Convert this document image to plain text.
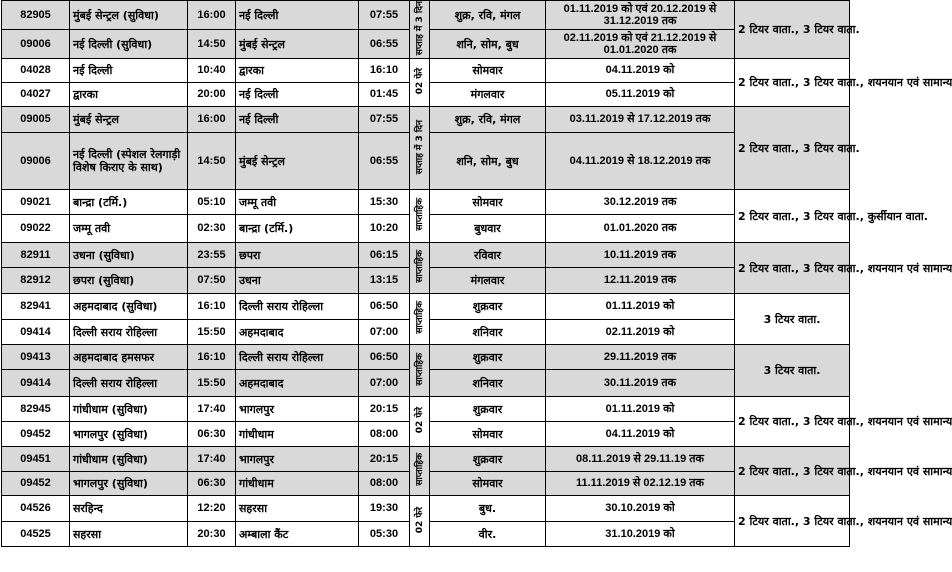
82905	मुंबई सेन्ट्रल (सुविधा)	16:00	नई दिल्ली	07:55	सप्ताह में 3 दिन	शुक्र, रवि, मंगल	01.11.2019 को एवं 20.12.2019 से 31.12.2019 तक	2 टियर वाता., 3 टियर वाता.
09006	नई दिल्ली (सुविधा)	14:50	मुंबई सेन्ट्रल	06:55		शनि, सोम, बुध	02.11.2019 को एवं 21.12.2019 से 01.01.2020 तक	
04028	नई दिल्ली	10:40	द्वारका	16:10	02 फेरे	सोमवार	04.11.2019 को	2 टियर वाता., 3 टियर वाता., शयनयान एवं सामान्य
04027	द्वारका	20:00	नई दिल्ली	01:45		मंगलवार	05.11.2019 को	
09005	मुंबई सेन्ट्रल	16:00	नई दिल्ली	07:55	सप्ताह में 3 दिन	शुक्र, रवि, मंगल	03.11.2019 से 17.12.2019 तक	2 टियर वाता., 3 टियर वाता.
09006	नई दिल्ली (स्पेशल रेलगाड़ी विशेष किराए के साथ)	14:50	मुंबई सेन्ट्रल	06:55		शनि, सोम, बुध	04.11.2019 से 18.12.2019 तक	
09021	बान्द्रा (टर्मि.)	05:10	जम्मू तवी	15:30	साप्ताहिक	सोमवार	30.12.2019 तक	2 टियर वाता., 3 टियर वाता., कुर्सीयान वाता.
09022	जम्मू तवी	02:30	बान्द्रा (टर्मि.)	10:20		बुधवार	01.01.2020 तक	
82911	उधना (सुविधा)	23:55	छपरा	06:15	साप्ताहिक	रविवार	10.11.2019 तक	2 टियर वाता., 3 टियर वाता., शयनयान एवं सामान्य
82912	छपरा (सुविधा)	07:50	उधना	13:15		मंगलवार	12.11.2019 तक	
82941	अहमदाबाद (सुविधा)	16:10	दिल्ली सराय रोहिल्ला	06:50	साप्ताहिक	शुक्रवार	01.11.2019 को	3 टियर वाता.
09414	दिल्ली सराय रोहिल्ला	15:50	अहमदाबाद	07:00		शनिवार	02.11.2019 को	
09413	अहमदाबाद हमसफर	16:10	दिल्ली सराय रोहिल्ला	06:50	साप्ताहिक	शुक्रवार	29.11.2019 तक	3 टियर वाता.
09414	दिल्ली सराय रोहिल्ला	15:50	अहमदाबाद	07:00		शनिवार	30.11.2019 तक	
82945	गांधीधाम (सुविधा)	17:40	भागलपुर	20:15	02 फेरे	शुक्रवार	01.11.2019 को	2 टियर वाता., 3 टियर वाता., शयनयान एवं सामान्य
09452	भागलपुर (सुविधा)	06:30	गांधीधाम	08:00		सोमवार	04.11.2019 को	
09451	गांधीधाम (सुविधा)	17:40	भागलपुर	20:15	साप्ताहिक	शुक्रवार	08.11.2019 से 29.11.19 तक	2 टियर वाता., 3 टियर वाता., शयनयान एवं सामान्य
09452	भागलपुर (सुविधा)	06:30	गांधीधाम	08:00		सोमवार	11.11.2019 से 02.12.19 तक	
04526	सरहिन्द	12:20	सहरसा	19:30	02 फेरे	बुध.	30.10.2019 को	2 टियर वाता., 3 टियर वाता., शयनयान एवं सामान्य
04525	सहरसा	20:30	अम्बाला कैंट	05:30		वीर.	31.10.2019 को	
